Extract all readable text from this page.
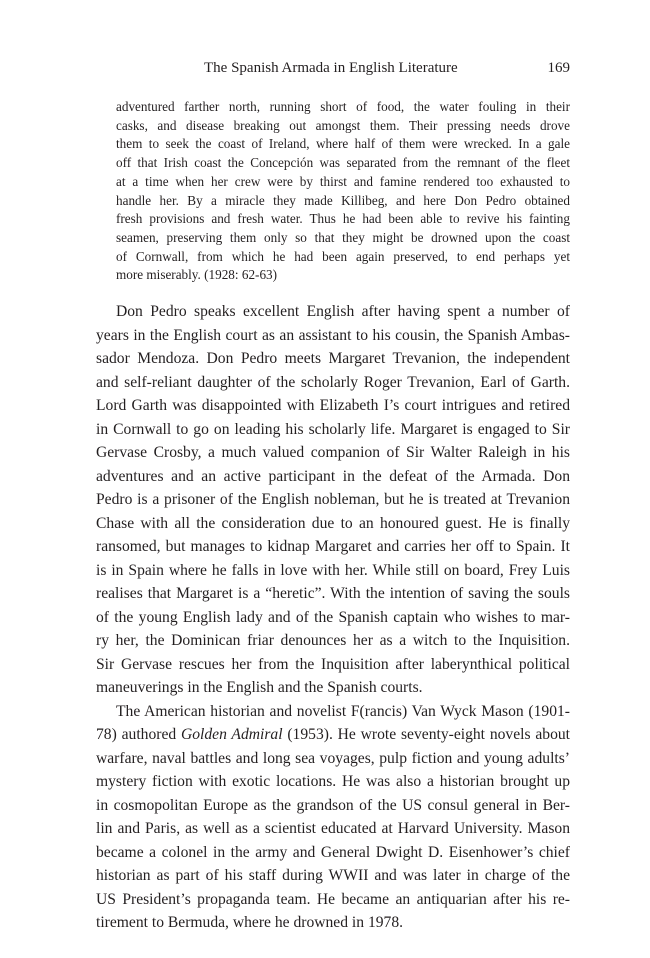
The Spanish Armada in English Literature	169
adventured farther north, running short of food, the water fouling in their
casks, and disease breaking out amongst them. Their pressing needs drove
them to seek the coast of Ireland, where half of them were wrecked. In a gale
off that Irish coast the Concepción was separated from the remnant of the fleet
at a time when her crew were by thirst and famine rendered too exhausted to
handle her. By a miracle they made Killibeg, and here Don Pedro obtained
fresh provisions and fresh water. Thus he had been able to revive his fainting
seamen, preserving them only so that they might be drowned upon the coast
of Cornwall, from which he had been again preserved, to end perhaps yet
more miserably. (1928: 62-63)

Don Pedro speaks excellent English after having spent a number of
years in the English court as an assistant to his cousin, the Spanish Ambas-
sador Mendoza. Don Pedro meets Margaret Trevanion, the independent
and self-reliant daughter of the scholarly Roger Trevanion, Earl of Garth.
Lord Garth was disappointed with Elizabeth I’s court intrigues and retired
in Cornwall to go on leading his scholarly life. Margaret is engaged to Sir
Gervase Crosby, a much valued companion of Sir Walter Raleigh in his
adventures and an active participant in the defeat of the Armada. Don
Pedro is a prisoner of the English nobleman, but he is treated at Trevanion
Chase with all the consideration due to an honoured guest. He is finally
ransomed, but manages to kidnap Margaret and carries her off to Spain. It
is in Spain where he falls in love with her. While still on board, Frey Luis
realises that Margaret is a “heretic”. With the intention of saving the souls
of the young English lady and of the Spanish captain who wishes to mar-
ry her, the Dominican friar denounces her as a witch to the Inquisition.
Sir Gervase rescues her from the Inquisition after laberynthical political
maneuverings in the English and the Spanish courts.

The American historian and novelist F(rancis) Van Wyck Mason (1901-
78) authored Golden Admiral (1953). He wrote seventy-eight novels about
warfare, naval battles and long sea voyages, pulp fiction and young adults’
mystery fiction with exotic locations. He was also a historian brought up
in cosmopolitan Europe as the grandson of the US consul general in Ber-
lin and Paris, as well as a scientist educated at Harvard University. Mason
became a colonel in the army and General Dwight D. Eisenhower’s chief
historian as part of his staff during WWII and was later in charge of the
US President’s propaganda team. He became an antiquarian after his re-
tirement to Bermuda, where he drowned in 1978.
